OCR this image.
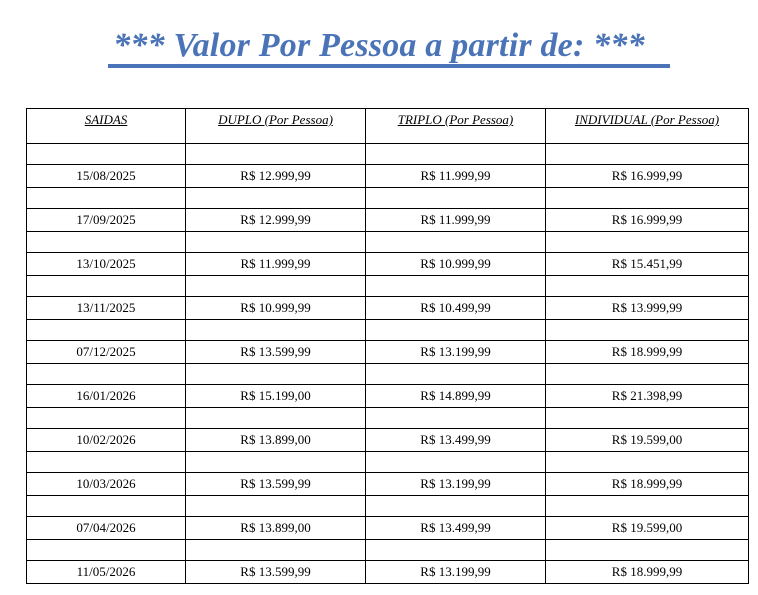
*** Valor Por Pessoa a partir de: ***
SAIDAS	DUPLO (Por Pessoa)	TRIPLO (Por Pessoa)	INDIVIDUAL (Por Pessoa)

15/08/2025	R$ 12.999,99	R$ 11.999,99	R$ 16.999,99

17/09/2025	R$ 12.999,99	R$ 11.999,99	R$ 16.999,99

13/10/2025	R$ 11.999,99	R$ 10.999,99	R$ 15.451,99

13/11/2025	R$ 10.999,99	R$ 10.499,99	R$ 13.999,99

07/12/2025	R$ 13.599,99	R$ 13.199,99	R$ 18.999,99

16/01/2026	R$ 15.199,00	R$ 14.899,99	R$ 21.398,99

10/02/2026	R$ 13.899,00	R$ 13.499,99	R$ 19.599,00

10/03/2026	R$ 13.599,99	R$ 13.199,99	R$ 18.999,99

07/04/2026	R$ 13.899,00	R$ 13.499,99	R$ 19.599,00

11/05/2026	R$ 13.599,99	R$ 13.199,99	R$ 18.999,99
